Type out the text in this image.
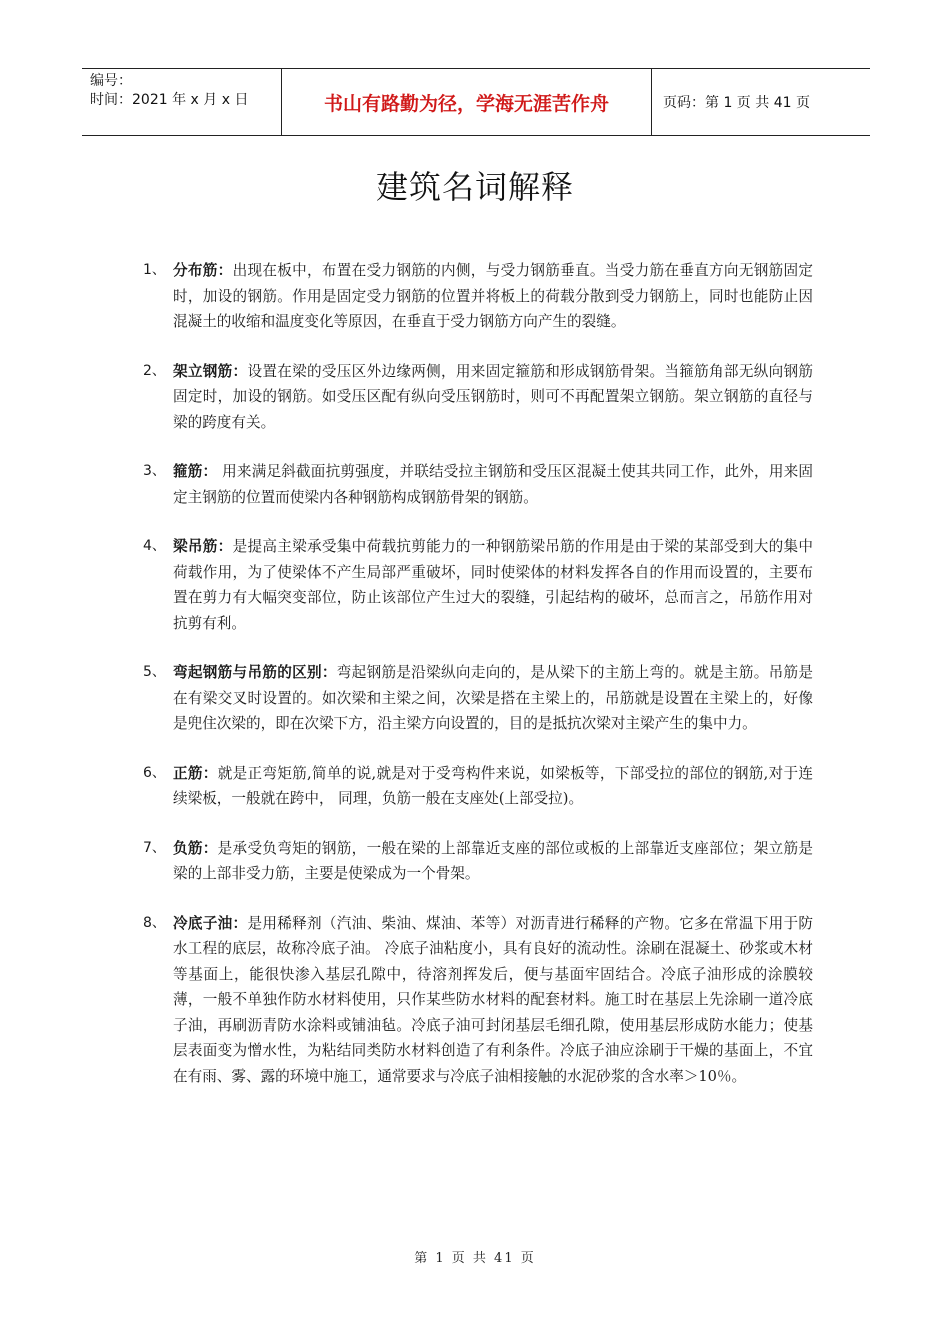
编号：
时间：2021 年 x 月 x 日	书山有路勤为径，学海无涯苦作舟	页码：第 1 页 共 41 页
建筑名词解释
1、 分布筋：出现在板中，布置在受力钢筋的内侧，与受力钢筋垂直。当受力筋在垂直方向无钢筋固定时，加设的钢筋。作用是固定受力钢筋的位置并将板上的荷载分散到受力钢筋上，同时也能防止因混凝土的收缩和温度变化等原因，在垂直于受力钢筋方向产生的裂缝。
2、 架立钢筋：设置在梁的受压区外边缘两侧，用来固定箍筋和形成钢筋骨架。当箍筋角部无纵向钢筋固定时，加设的钢筋。如受压区配有纵向受压钢筋时，则可不再配置架立钢筋。架立钢筋的直径与梁的跨度有关。
3、 箍筋： 用来满足斜截面抗剪强度，并联结受拉主钢筋和受压区混凝土使其共同工作，此外，用来固定主钢筋的位置而使梁内各种钢筋构成钢筋骨架的钢筋。
4、 梁吊筋：是提高主梁承受集中荷载抗剪能力的一种钢筋梁吊筋的作用是由于梁的某部受到大的集中荷载作用，为了使梁体不产生局部严重破坏，同时使梁体的材料发挥各自的作用而设置的，主要布置在剪力有大幅突变部位，防止该部位产生过大的裂缝，引起结构的破坏，总而言之，吊筋作用对抗剪有利。
5、 弯起钢筋与吊筋的区别：弯起钢筋是沿梁纵向走向的，是从梁下的主筋上弯的。就是主筋。吊筋是在有梁交叉时设置的。如次梁和主梁之间，次梁是搭在主梁上的，吊筋就是设置在主梁上的，好像是兜住次梁的，即在次梁下方，沿主梁方向设置的，目的是抵抗次梁对主梁产生的集中力。
6、 正筋：就是正弯矩筋,简单的说,就是对于受弯构件来说，如梁板等，下部受拉的部位的钢筋,对于连续梁板，一般就在跨中， 同理，负筋一般在支座处(上部受拉)。
7、 负筋：是承受负弯矩的钢筋，一般在梁的上部靠近支座的部位或板的上部靠近支座部位；架立筋是梁的上部非受力筋，主要是使梁成为一个骨架。
8、 冷底子油：是用稀释剂（汽油、柴油、煤油、苯等）对沥青进行稀释的产物。它多在常温下用于防水工程的底层，故称冷底子油。 冷底子油粘度小，具有良好的流动性。涂刷在混凝土、砂浆或木材等基面上，能很快渗入基层孔隙中，待溶剂挥发后，便与基面牢固结合。冷底子油形成的涂膜较薄，一般不单独作防水材料使用，只作某些防水材料的配套材料。施工时在基层上先涂刷一道冷底子油，再刷沥青防水涂料或铺油毡。冷底子油可封闭基层毛细孔隙，使用基层形成防水能力；使基层表面变为憎水性，为粘结同类防水材料创造了有利条件。冷底子油应涂刷于干燥的基面上，不宜在有雨、雾、露的环境中施工，通常要求与冷底子油相接触的水泥砂浆的含水率＞10％。
第 1 页 共 41 页
